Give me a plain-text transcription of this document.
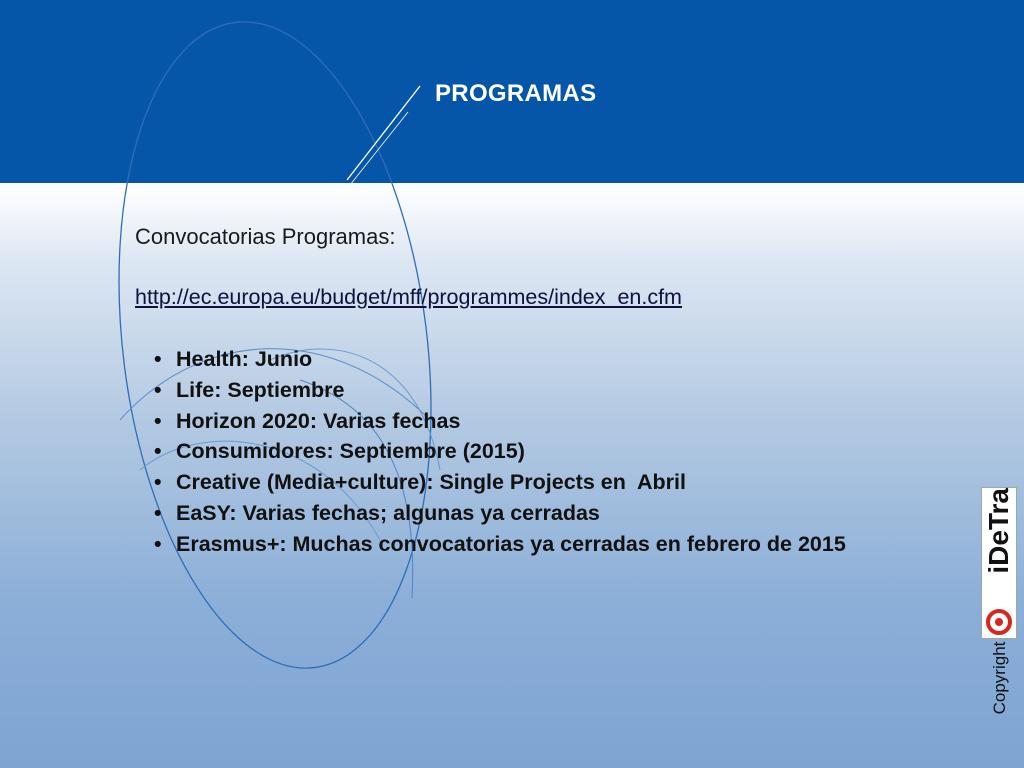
PROGRAMAS

Convocatorias Programas:

http://ec.europa.eu/budget/mff/programmes/index_en.cfm
• Health: Junio
• Life: Septiembre
• Horizon 2020: Varias fechas
• Consumidores: Septiembre (2015)
• Creative (Media+culture): Single Projects en  Abril
• EaSY: Varias fechas; algunas ya cerradas
• Erasmus+: Muchas convocatorias ya cerradas en febrero de 2015	iDeTra
Copyright
